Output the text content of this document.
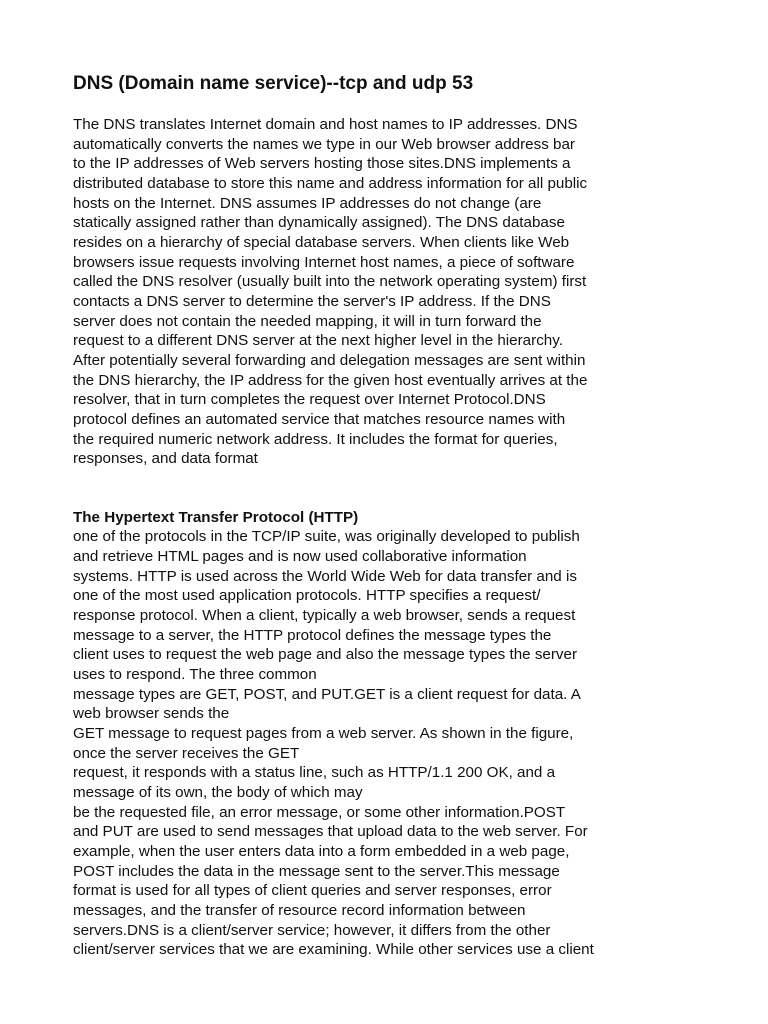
DNS (Domain name service)--tcp and udp 53
The DNS translates Internet domain and host names to IP addresses. DNS
automatically converts the names we type in our Web browser address bar
to the IP addresses of Web servers hosting those sites.DNS implements a
distributed database to store this name and address information for all public
hosts on the Internet. DNS assumes IP addresses do not change (are
statically assigned rather than dynamically assigned). The DNS database
resides on a hierarchy of special database servers. When clients like Web
browsers issue requests involving Internet host names, a piece of software
called the DNS resolver (usually built into the network operating system) first
contacts a DNS server to determine the server's IP address. If the DNS
server does not contain the needed mapping, it will in turn forward the
request to a different DNS server at the next higher level in the hierarchy.
After potentially several forwarding and delegation messages are sent within
the DNS hierarchy, the IP address for the given host eventually arrives at the
resolver, that in turn completes the request over Internet Protocol.DNS
protocol defines an automated service that matches resource names with
the required numeric network address. It includes the format for queries,
responses, and data format
The Hypertext Transfer Protocol (HTTP)
one of the protocols in the TCP/IP suite, was originally developed to publish
and retrieve HTML pages and is now used collaborative information
systems. HTTP is used across the World Wide Web for data transfer and is
one of the most used application protocols. HTTP specifies a request/
response protocol. When a client, typically a web browser, sends a request
message to a server, the HTTP protocol defines the message types the
client uses to request the web page and also the message types the server
uses to respond. The three common
message types are GET, POST, and PUT.GET is a client request for data. A
web browser sends the
GET message to request pages from a web server. As shown in the figure,
once the server receives the GET
request, it responds with a status line, such as HTTP/1.1 200 OK, and a
message of its own, the body of which may
be the requested file, an error message, or some other information.POST
and PUT are used to send messages that upload data to the web server. For
example, when the user enters data into a form embedded in a web page,
POST includes the data in the message sent to the server.This message
format is used for all types of client queries and server responses, error
messages, and the transfer of resource record information between
servers.DNS is a client/server service; however, it differs from the other
client/server services that we are examining. While other services use a client
